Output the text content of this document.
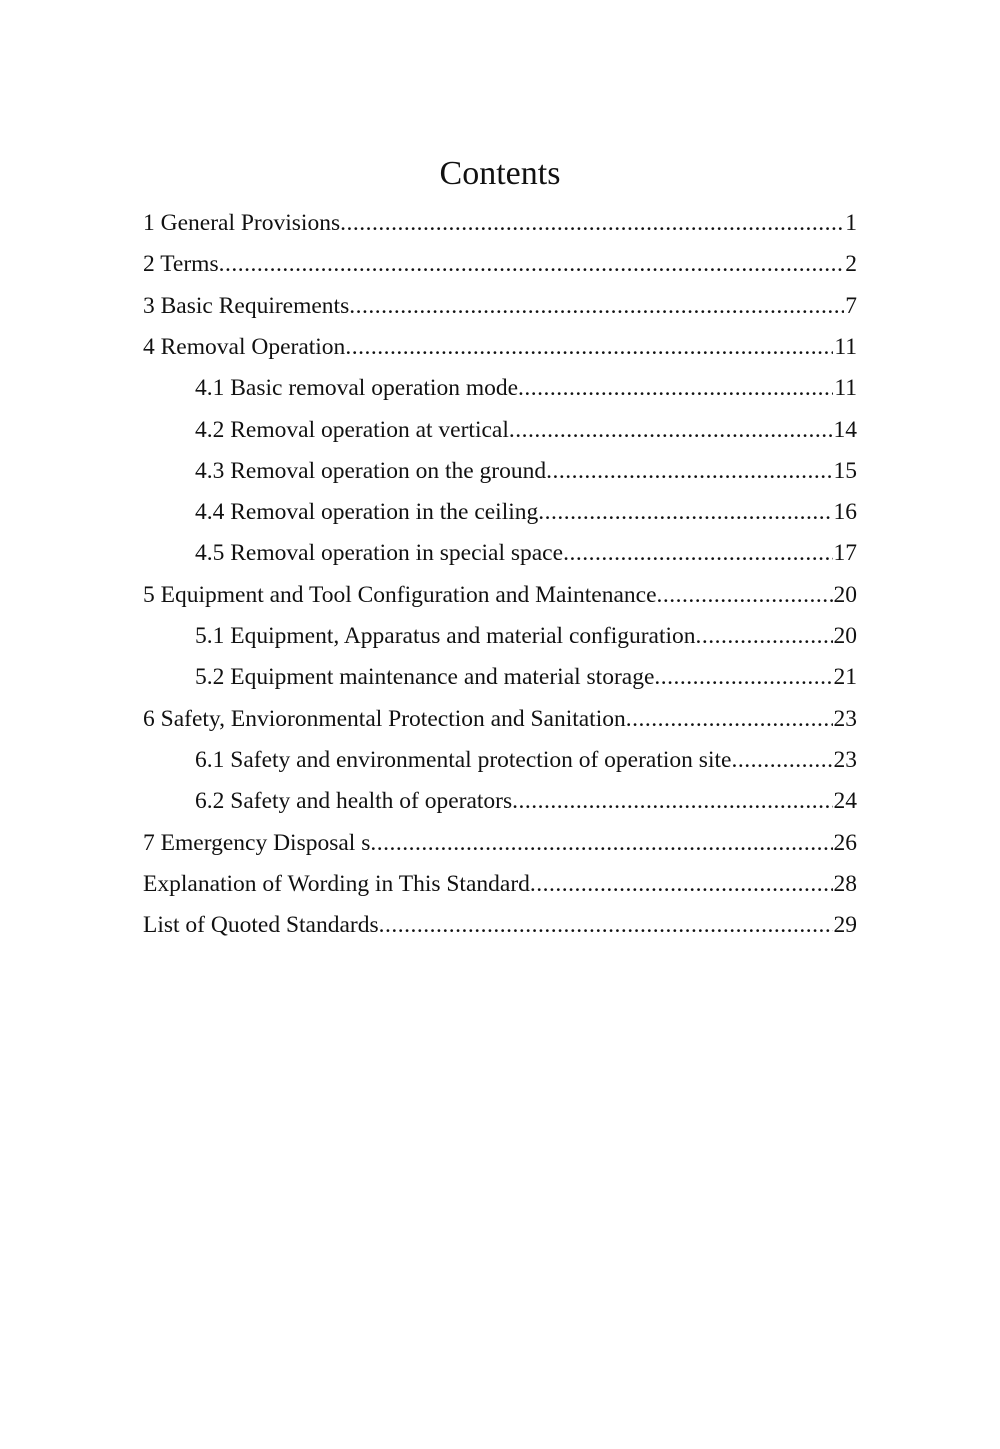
Contents
1 General Provisions .....	1
2 Terms .....	2
3 Basic Requirements .....	7
4 Removal Operation .....	11
4.1 Basic removal operation mode .....	11
4.2 Removal operation at vertical .....	14
4.3 Removal operation on the ground .....	15
4.4 Removal operation in the ceiling .....	16
4.5 Removal operation in special space .....	17
5 Equipment and Tool Configuration and Maintenance .....	20
5.1 Equipment, Apparatus and material configuration .....	20
5.2 Equipment maintenance and material storage .....	21
6 Safety, Envioronmental Protection and Sanitation .....	23
6.1 Safety and environmental protection of operation site .....	23
6.2 Safety and health of operators .....	24
7 Emergency Disposal s .....	26
Explanation of Wording in This Standard .....	28
List of Quoted Standards .....	29
